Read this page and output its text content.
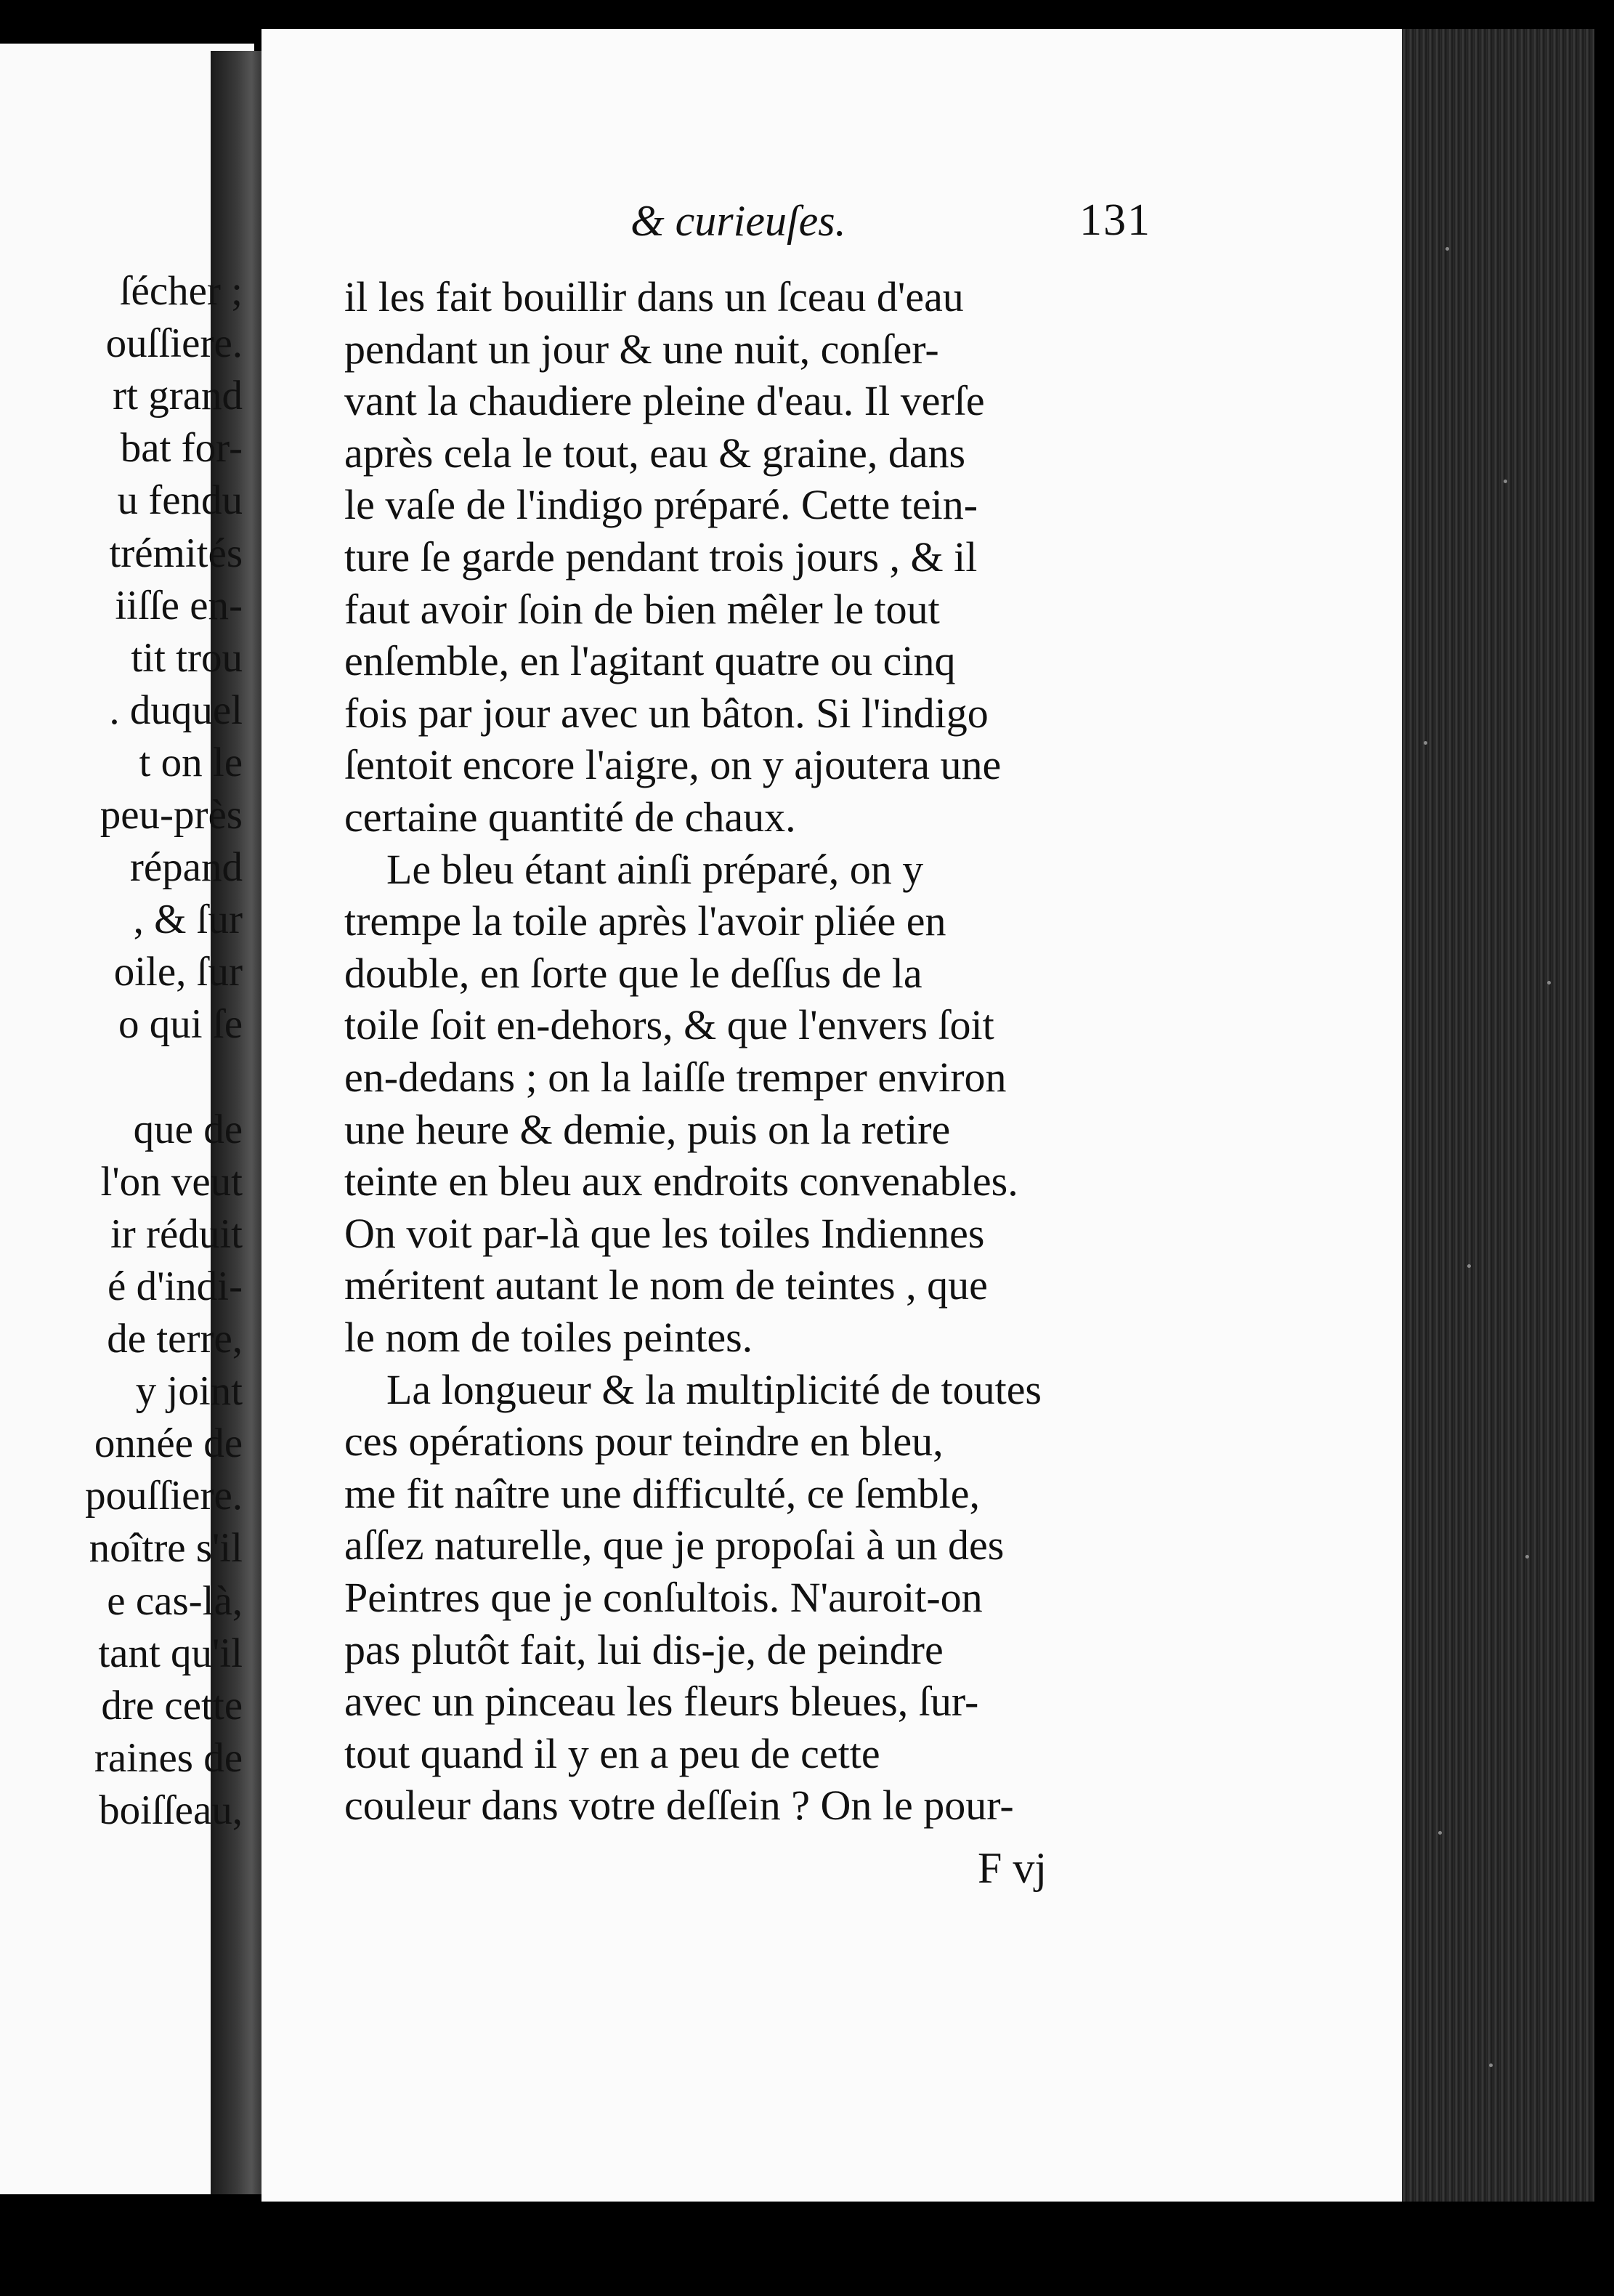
ſécher ;
ouſſiere.
rt grand
bat for-
u fendu
trémités
iiſſe en-
tit trou
. duquel
t on le
peu-près
répand
, & ſur
oile, ſur
o qui ſe
que de
l'on veut
ir réduit
é d'indi-
de terre,
y joint
onnée de
pouſſiere.
noître s'il
e cas-là,
tant qu'il
dre cette
raines de
boiſſeau,
& curieuſes.	131
il les fait bouillir dans un ſceau d'eau
pendant un jour & une nuit, conſer-
vant la chaudiere pleine d'eau. Il verſe
après cela le tout, eau & graine, dans
le vaſe de l'indigo préparé. Cette tein-
ture ſe garde pendant trois jours , & il
faut avoir ſoin de bien mêler le tout
enſemble, en l'agitant quatre ou cinq
fois par jour avec un bâton. Si l'indigo
ſentoit encore l'aigre, on y ajoutera une
certaine quantité de chaux.
Le bleu étant ainſi préparé, on y
trempe la toile après l'avoir pliée en
double, en ſorte que le deſſus de la
toile ſoit en-dehors, & que l'envers ſoit
en-dedans ; on la laiſſe tremper environ
une heure & demie, puis on la retire
teinte en bleu aux endroits convenables.
On voit par-là que les toiles Indiennes
méritent autant le nom de teintes , que
le nom de toiles peintes.
La longueur & la multiplicité de toutes
ces opérations pour teindre en bleu,
me fit naître une difficulté, ce ſemble,
aſſez naturelle, que je propoſai à un des
Peintres que je conſultois. N'auroit-on
pas plutôt fait, lui dis-je, de peindre
avec un pinceau les fleurs bleues, ſur-
tout quand il y en a peu de cette
couleur dans votre deſſein ? On le pour-
F vj
